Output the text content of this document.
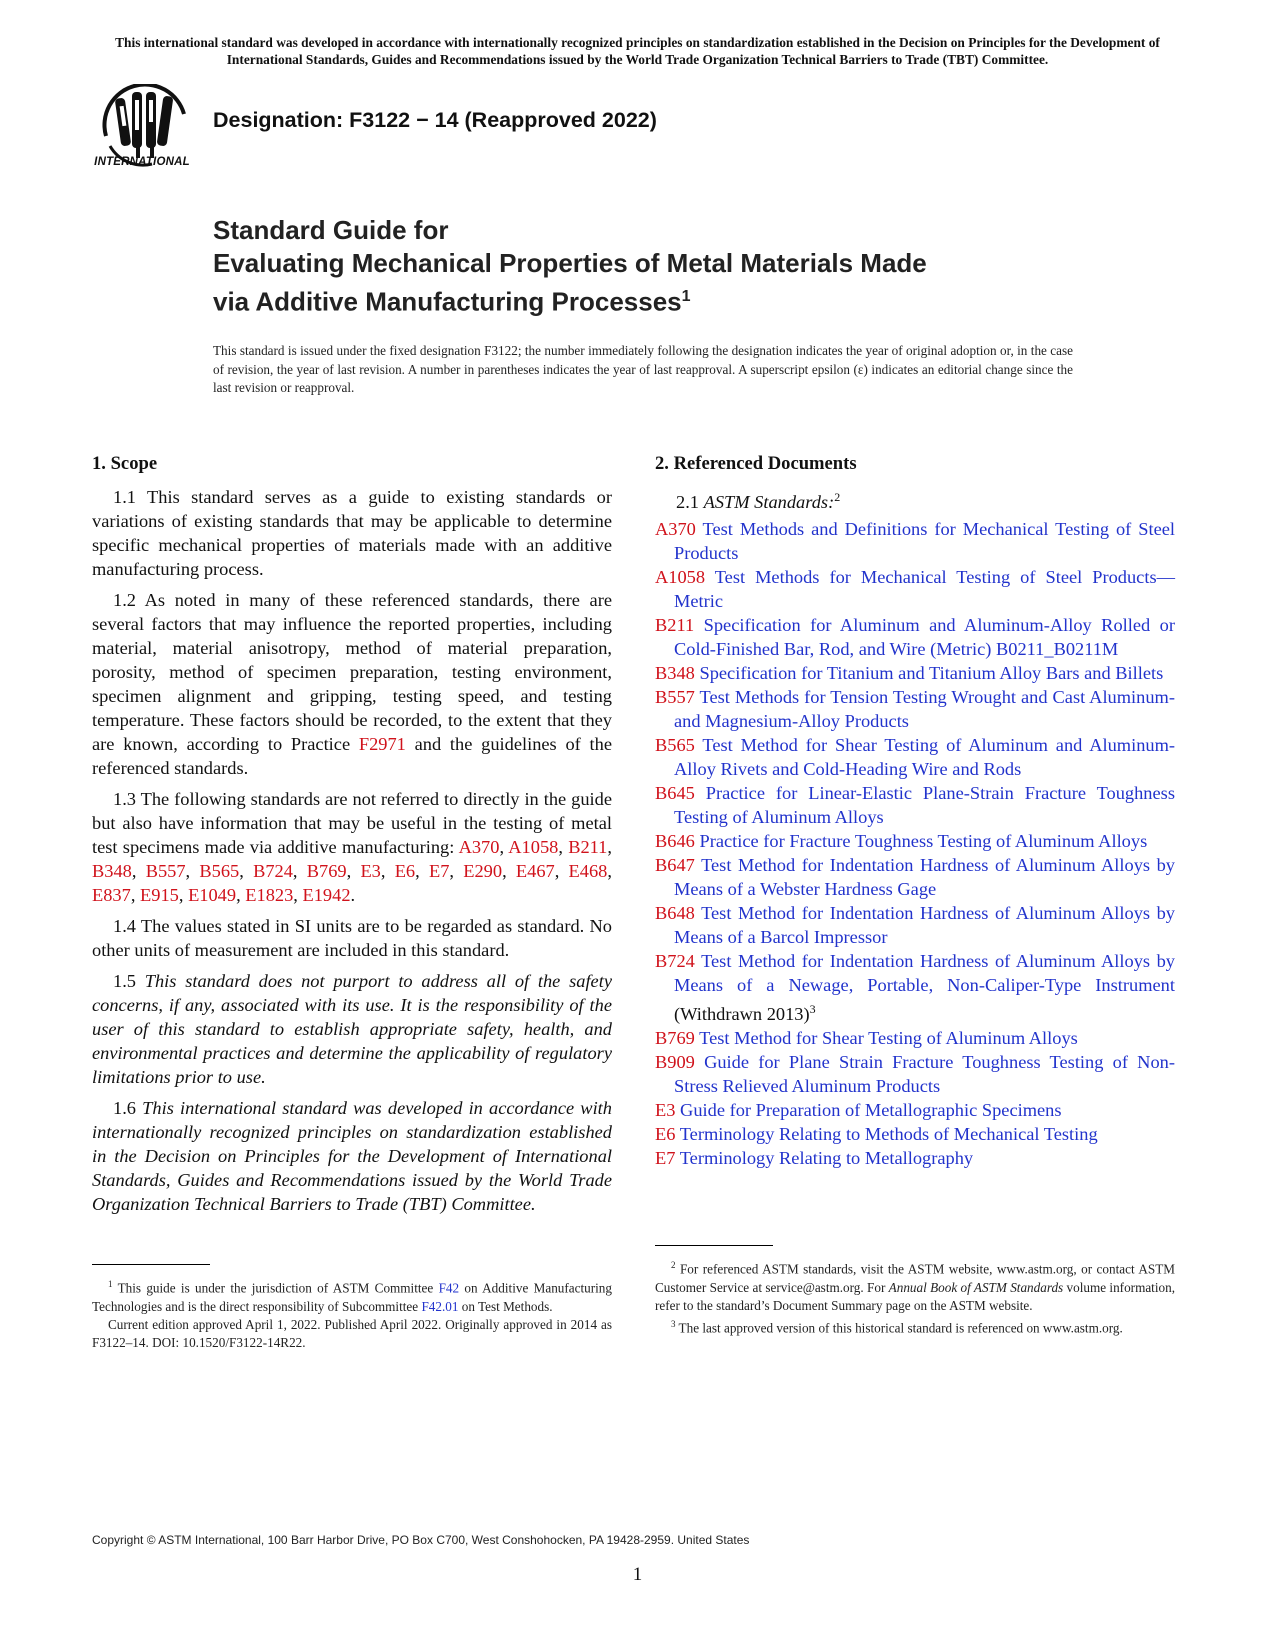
This international standard was developed in accordance with internationally recognized principles on standardization established in the Decision on Principles for the Development of International Standards, Guides and Recommendations issued by the World Trade Organization Technical Barriers to Trade (TBT) Committee.
INTERNATIONAL
Designation: F3122 − 14 (Reapproved 2022)
Standard Guide for
Evaluating Mechanical Properties of Metal Materials Made
via Additive Manufacturing Processes$^1$
This standard is issued under the fixed designation F3122; the number immediately following the designation indicates the year of original adoption or, in the case of revision, the year of last revision. A number in parentheses indicates the year of last reapproval. A superscript epsilon (ε) indicates an editorial change since the last revision or reapproval.
1. Scope

1.1 This standard serves as a guide to existing standards or variations of existing standards that may be applicable to determine specific mechanical properties of materials made with an additive manufacturing process.

1.2 As noted in many of these referenced standards, there are several factors that may influence the reported properties, including material, material anisotropy, method of material preparation, porosity, method of specimen preparation, testing environment, specimen alignment and gripping, testing speed, and testing temperature. These factors should be recorded, to the extent that they are known, according to Practice F2971 and the guidelines of the referenced standards.

1.3 The following standards are not referred to directly in the guide but also have information that may be useful in the testing of metal test specimens made via additive manufacturing: A370, A1058, B211, B348, B557, B565, B724, B769, E3, E6, E7, E290, E467, E468, E837, E915, E1049, E1823, E1942.

1.4 The values stated in SI units are to be regarded as standard. No other units of measurement are included in this standard.

1.5 This standard does not purport to address all of the safety concerns, if any, associated with its use. It is the responsibility of the user of this standard to establish appropriate safety, health, and environmental practices and determine the applicability of regulatory limitations prior to use.

1.6 This international standard was developed in accordance with internationally recognized principles on standardization established in the Decision on Principles for the Development of International Standards, Guides and Recommendations issued by the World Trade Organization Technical Barriers to Trade (TBT) Committee.

2. Referenced Documents
2.1 ASTM Standards:$^2$
A370 Test Methods and Definitions for Mechanical Testing of Steel Products
A1058 Test Methods for Mechanical Testing of Steel Products—Metric
B211 Specification for Aluminum and Aluminum-Alloy Rolled or Cold-Finished Bar, Rod, and Wire (Metric) B0211_B0211M
B348 Specification for Titanium and Titanium Alloy Bars and Billets
B557 Test Methods for Tension Testing Wrought and Cast Aluminum- and Magnesium-Alloy Products
B565 Test Method for Shear Testing of Aluminum and Aluminum-Alloy Rivets and Cold-Heading Wire and Rods
B645 Practice for Linear-Elastic Plane-Strain Fracture Toughness Testing of Aluminum Alloys
B646 Practice for Fracture Toughness Testing of Aluminum Alloys
B647 Test Method for Indentation Hardness of Aluminum Alloys by Means of a Webster Hardness Gage
B648 Test Method for Indentation Hardness of Aluminum Alloys by Means of a Barcol Impressor
B724 Test Method for Indentation Hardness of Aluminum Alloys by Means of a Newage, Portable, Non-Caliper-Type Instrument (Withdrawn 2013)$^3$
B769 Test Method for Shear Testing of Aluminum Alloys
B909 Guide for Plane Strain Fracture Toughness Testing of Non-Stress Relieved Aluminum Products
E3 Guide for Preparation of Metallographic Specimens
E6 Terminology Relating to Methods of Mechanical Testing
E7 Terminology Relating to Metallography

$^1$ This guide is under the jurisdiction of ASTM Committee F42 on Additive Manufacturing Technologies and is the direct responsibility of Subcommittee F42.01 on Test Methods.

Current edition approved April 1, 2022. Published April 2022. Originally approved in 2014 as F3122–14. DOI: 10.1520/F3122-14R22.

$^2$ For referenced ASTM standards, visit the ASTM website, www.astm.org, or contact ASTM Customer Service at service@astm.org. For Annual Book of ASTM Standards volume information, refer to the standard’s Document Summary page on the ASTM website.

$^3$ The last approved version of this historical standard is referenced on www.astm.org.

Copyright © ASTM International, 100 Barr Harbor Drive, PO Box C700, West Conshohocken, PA 19428-2959. United States
1
